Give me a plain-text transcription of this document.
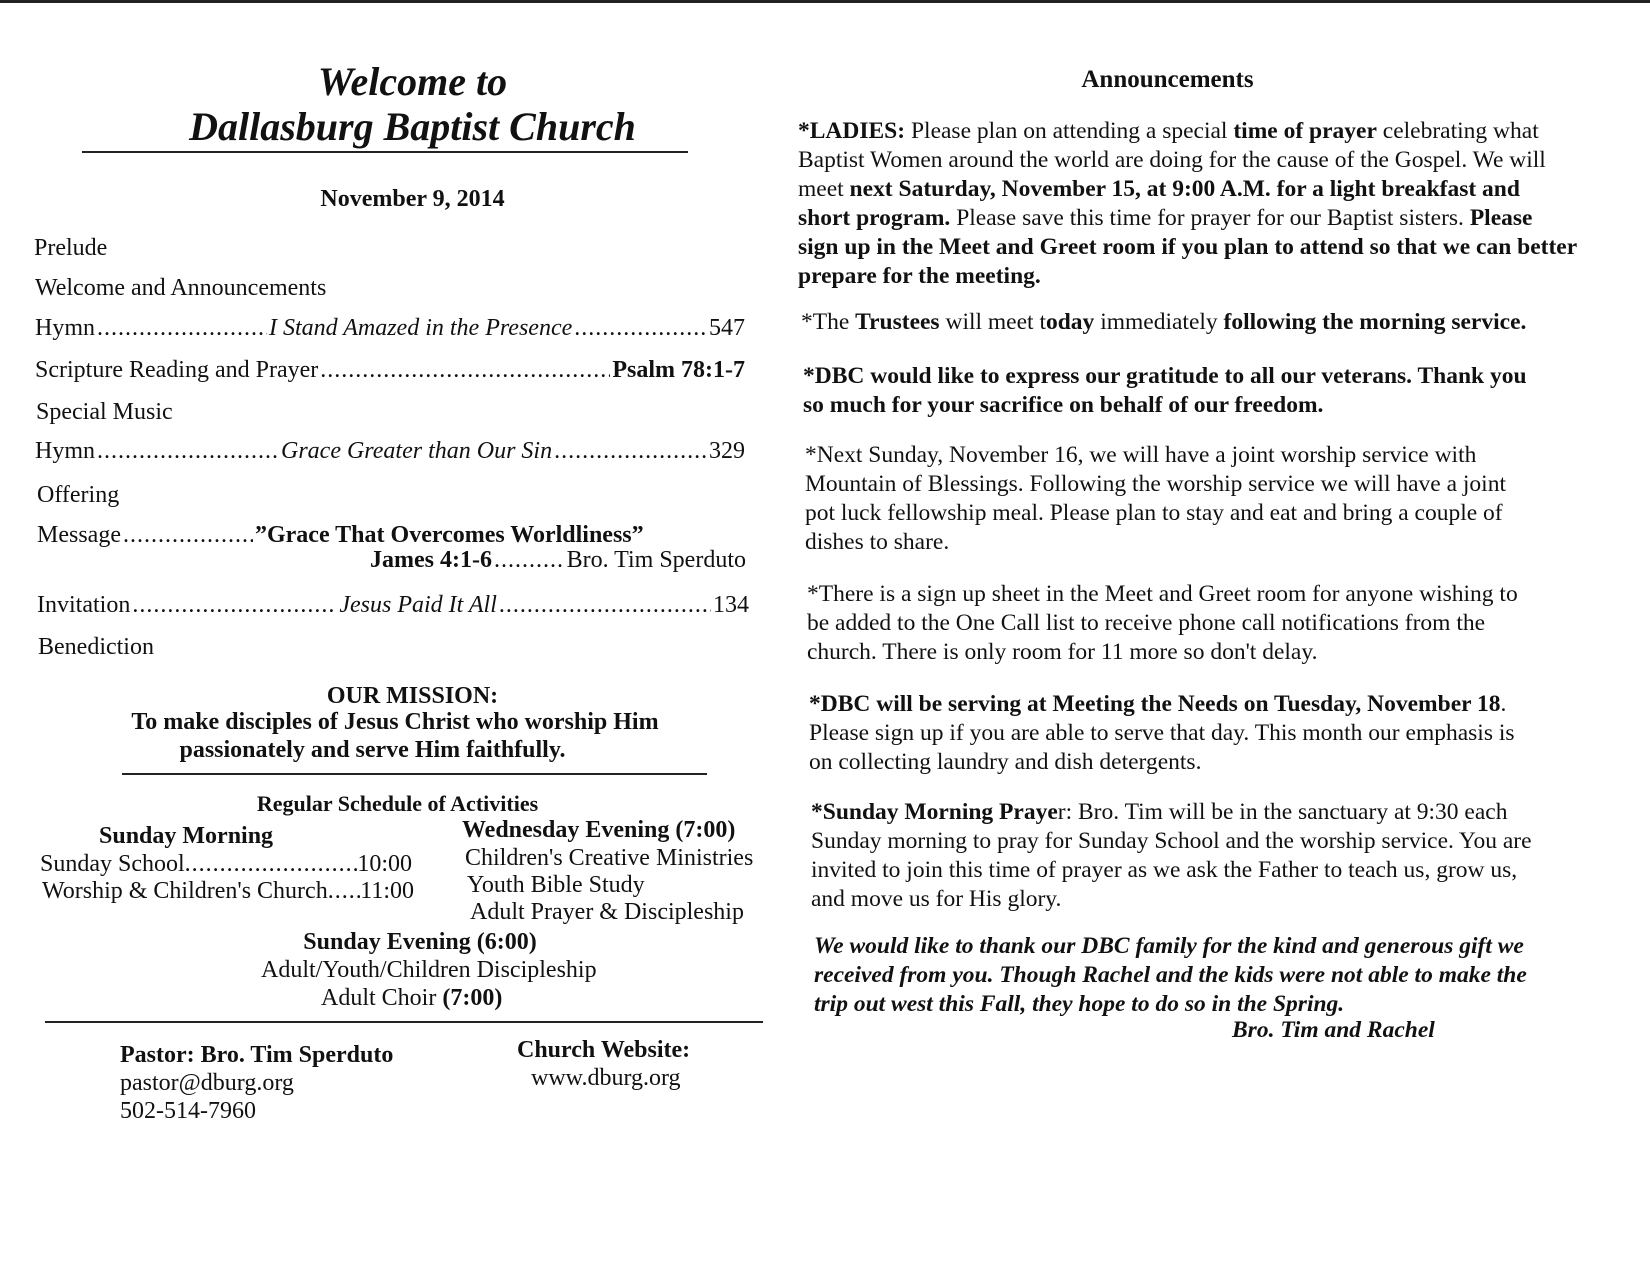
Welcome to
Dallasburg Baptist Church
November 9, 2014
Prelude
Welcome and Announcements
Hymn .....	I Stand Amazed in the Presence .....	547
Scripture Reading and Prayer .....	Psalm 78:1-7
Special Music
Hymn .....	Grace Greater than Our Sin .....	329
Offering
Message .....	”Grace That Overcomes Worldliness”
James 4:1-6 .....	Bro. Tim Sperduto
Invitation .....	Jesus Paid It All .....	134
Benediction
OUR MISSION:
To make disciples of Jesus Christ who worship Him
passionately and serve Him faithfully.
Regular Schedule of Activities
Sunday Morning
Sunday School .....	10:00
Worship & Children's Church ..... 11:00
Wednesday Evening (7:00)
Children's Creative Ministries
Youth Bible Study
Adult Prayer & Discipleship
Sunday Evening (6:00)
Adult/Youth/Children Discipleship
Adult Choir (7:00)
Pastor: Bro. Tim Sperduto
pastor@dburg.org
502-514-7960
Church Website:
www.dburg.org
Announcements
*LADIES: Please plan on attending a special time of prayer celebrating what Baptist Women around the world are doing for the cause of the Gospel. We will meet next Saturday, November 15, at 9:00 A.M. for a light breakfast and short program. Please save this time for prayer for our Baptist sisters. Please sign up in the Meet and Greet room if you plan to attend so that we can better prepare for the meeting.
*The Trustees will meet today immediately following the morning service.
*DBC would like to express our gratitude to all our veterans. Thank you so much for your sacrifice on behalf of our freedom.
*Next Sunday, November 16, we will have a joint worship service with Mountain of Blessings. Following the worship service we will have a joint pot luck fellowship meal. Please plan to stay and eat and bring a couple of dishes to share.
*There is a sign up sheet in the Meet and Greet room for anyone wishing to be added to the One Call list to receive phone call notifications from the church. There is only room for 11 more so don't delay.
*DBC will be serving at Meeting the Needs on Tuesday, November 18. Please sign up if you are able to serve that day. This month our emphasis is on collecting laundry and dish detergents.
*Sunday Morning Prayer: Bro. Tim will be in the sanctuary at 9:30 each Sunday morning to pray for Sunday School and the worship service. You are invited to join this time of prayer as we ask the Father to teach us, grow us, and move us for His glory.
We would like to thank our DBC family for the kind and generous gift we received from you. Though Rachel and the kids were not able to make the trip out west this Fall, they hope to do so in the Spring.
Bro. Tim and Rachel
